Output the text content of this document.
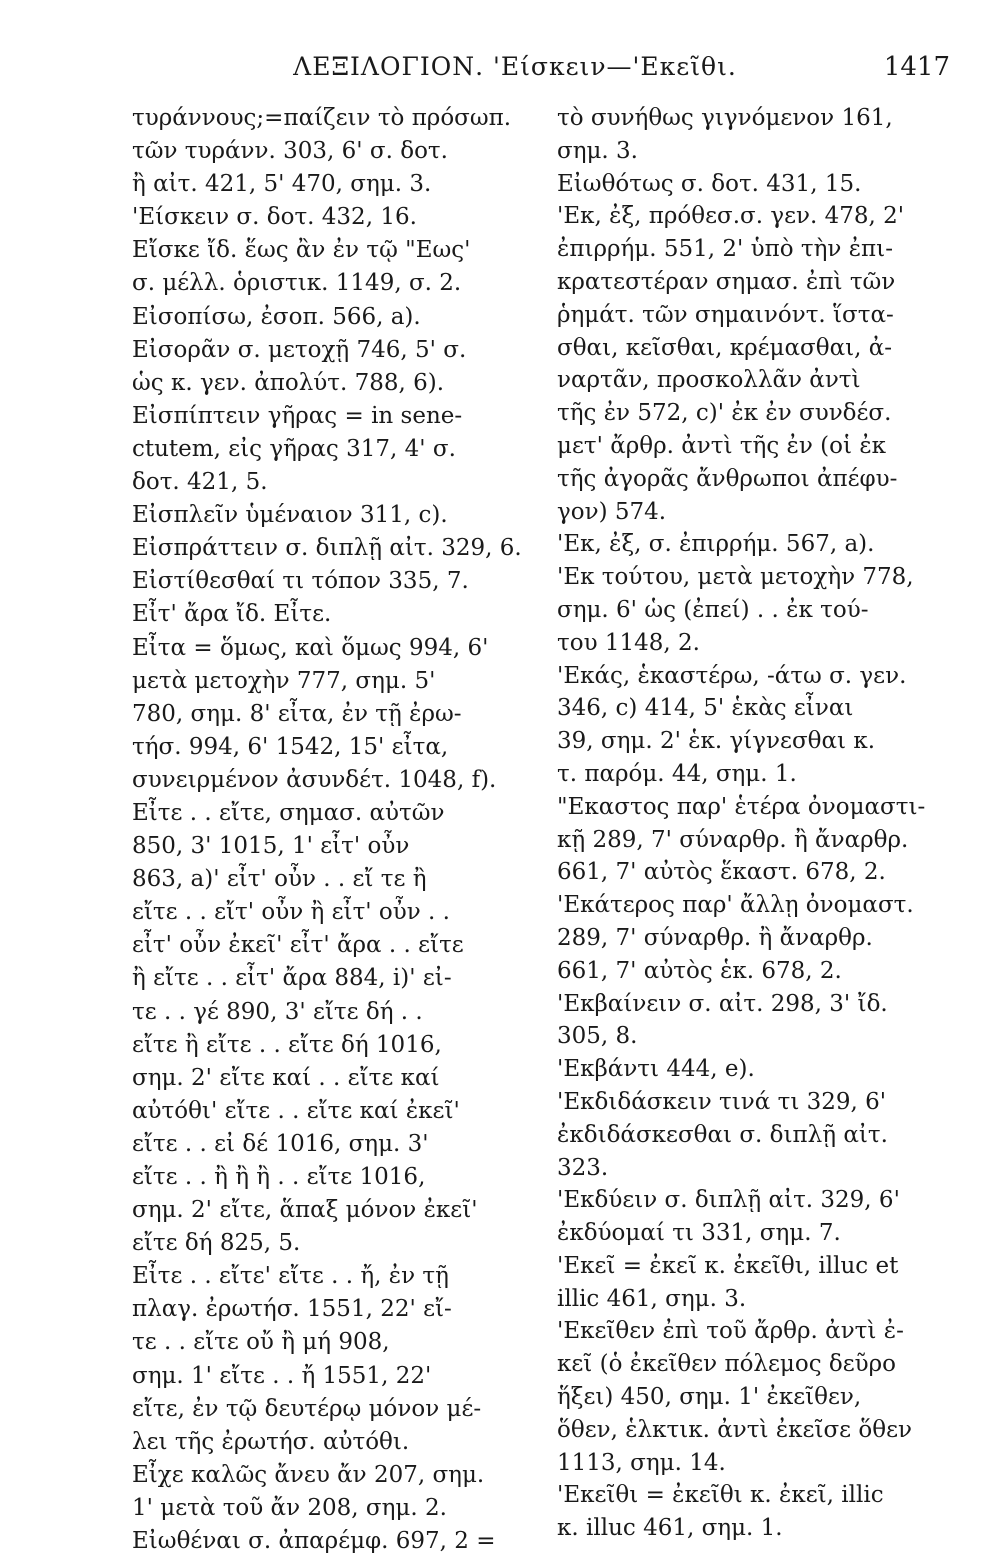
ΛΕΞΙΛΟΓΙΟΝ. 'Είσκειν—'Εκεῖθι.	1417
τυράννους;=παίζειν τὸ πρόσωπ.
τῶν τυράνν. 303, 6' σ. δοτ.
ἢ αἰτ. 421, 5' 470, σημ. 3.
'Είσκειν σ. δοτ. 432, 16.
Εἴσκε ἴδ. ἕως ἂν ἐν τῷ "Εως'
σ. μέλλ. ὁριστικ. 1149, σ. 2.
Εἰσοπίσω, ἐσοπ. 566, a).
Εἰσορᾶν σ. μετοχῇ 746, 5' σ.
ὡς κ. γεν. ἀπολύτ. 788, 6).
Εἰσπίπτειν γῆρας = in sene-
ctutem, εἰς γῆρας 317, 4' σ.
δοτ. 421, 5.
Εἰσπλεῖν ὑμέναιον 311, c).
Εἰσπράττειν σ. διπλῇ αἰτ. 329, 6.
Εἰστίθεσθαί τι τόπον 335, 7.
Εἶτ' ἄρα ἴδ. Εἶτε.
Εἶτα = ὅμως, καὶ ὅμως 994, 6'
μετὰ μετοχὴν 777, σημ. 5'
780, σημ. 8' εἶτα, ἐν τῇ ἐρω-
τήσ. 994, 6' 1542, 15' εἶτα,
συνειρμένον ἀσυνδέτ. 1048, f).
Εἶτε . . εἴτε, σημασ. αὐτῶν
850, 3' 1015, 1' εἶτ' οὖν
863, a)' εἶτ' οὖν . . εἴ τε ἢ
εἴτε . . εἴτ' οὖν ἢ εἶτ' οὖν . .
εἶτ' οὖν ἐκεῖ' εἶτ' ἄρα . . εἴτε
ἢ εἴτε . . εἶτ' ἄρα 884, i)' εἰ-
τε . . γέ 890, 3' εἴτε δή . .
εἴτε ἢ εἴτε . . εἴτε δή 1016,
σημ. 2' εἴτε καί . . εἴτε καί
αὐτόθι' εἴτε . . εἴτε καί ἐκεῖ'
εἴτε . . εἰ δέ 1016, σημ. 3'
εἴτε . . ἢ ἢ ἢ . . εἴτε 1016,
σημ. 2' εἴτε, ἅπαξ μόνον ἐκεῖ'
εἴτε δή 825, 5.
Εἶτε . . εἴτε' εἴτε . . ἤ, ἐν τῇ
πλαγ. ἐρωτήσ. 1551, 22' εἴ-
τε . . εἴτε οὔ ἢ μή 908,
σημ. 1' εἴτε . . ἤ 1551, 22'
εἴτε, ἐν τῷ δευτέρῳ μόνον μέ-
λει τῆς ἐρωτήσ. αὐτόθι.
Εἶχε καλῶς ἄνευ ἄν 207, σημ.
1' μετὰ τοῦ ἄν 208, σημ. 2.
Εἰωθέναι σ. ἀπαρέμφ. 697, 2 =
τὸ συνήθως γιγνόμενον 161,
σημ. 3.
Εἰωθότως σ. δοτ. 431, 15.
'Εκ, ἐξ, πρόθεσ.σ. γεν. 478, 2'
ἐπιρρήμ. 551, 2' ὑπὸ τὴν ἐπι-
κρατεστέραν σημασ. ἐπὶ τῶν
ῥημάτ. τῶν σημαινόντ. ἵστα-
σθαι, κεῖσθαι, κρέμασθαι, ἀ-
ναρτᾶν, προσκολλᾶν ἀντὶ
τῆς ἐν 572, c)' ἐκ ἐν συνδέσ.
μετ' ἄρθρ. ἀντὶ τῆς ἐν (οἱ ἐκ
τῆς ἀγορᾶς ἄνθρωποι ἀπέφυ-
γον) 574.
'Εκ, ἐξ, σ. ἐπιρρήμ. 567, a).
'Εκ τούτου, μετὰ μετοχὴν 778,
σημ. 6' ὡς (ἐπεί) . . ἐκ τού-
του 1148, 2.
'Εκάς, ἑκαστέρω, -άτω σ. γεν.
346, c) 414, 5' ἑκὰς εἶναι
39, σημ. 2' ἑκ. γίγνεσθαι κ.
τ. παρόμ. 44, σημ. 1.
"Εκαστος παρ' ἑτέρα ὀνομαστι-
κῇ 289, 7' σύναρθρ. ἢ ἄναρθρ.
661, 7' αὐτὸς ἕκαστ. 678, 2.
'Εκάτερος παρ' ἄλλῃ ὀνομαστ.
289, 7' σύναρθρ. ἢ ἄναρθρ.
661, 7' αὐτὸς ἑκ. 678, 2.
'Εκβαίνειν σ. αἰτ. 298, 3' ἴδ.
305, 8.
'Εκβάντι 444, e).
'Εκδιδάσκειν τινά τι 329, 6'
ἐκδιδάσκεσθαι σ. διπλῇ αἰτ.
323.
'Εκδύειν σ. διπλῇ αἰτ. 329, 6'
ἐκδύομαί τι 331, σημ. 7.
'Εκεῖ = ἐκεῖ κ. ἐκεῖθι, illuc et
illic 461, σημ. 3.
'Εκεῖθεν ἐπὶ τοῦ ἄρθρ. ἀντὶ ἐ-
κεῖ (ὁ ἐκεῖθεν πόλεμος δεῦρο
ἥξει) 450, σημ. 1' ἐκεῖθεν,
ὅθεν, ἑλκτικ. ἀντὶ ἐκεῖσε ὅθεν
1113, σημ. 14.
'Εκεῖθι = ἐκεῖθι κ. ἐκεῖ, illic
κ. illuc 461, σημ. 1.
